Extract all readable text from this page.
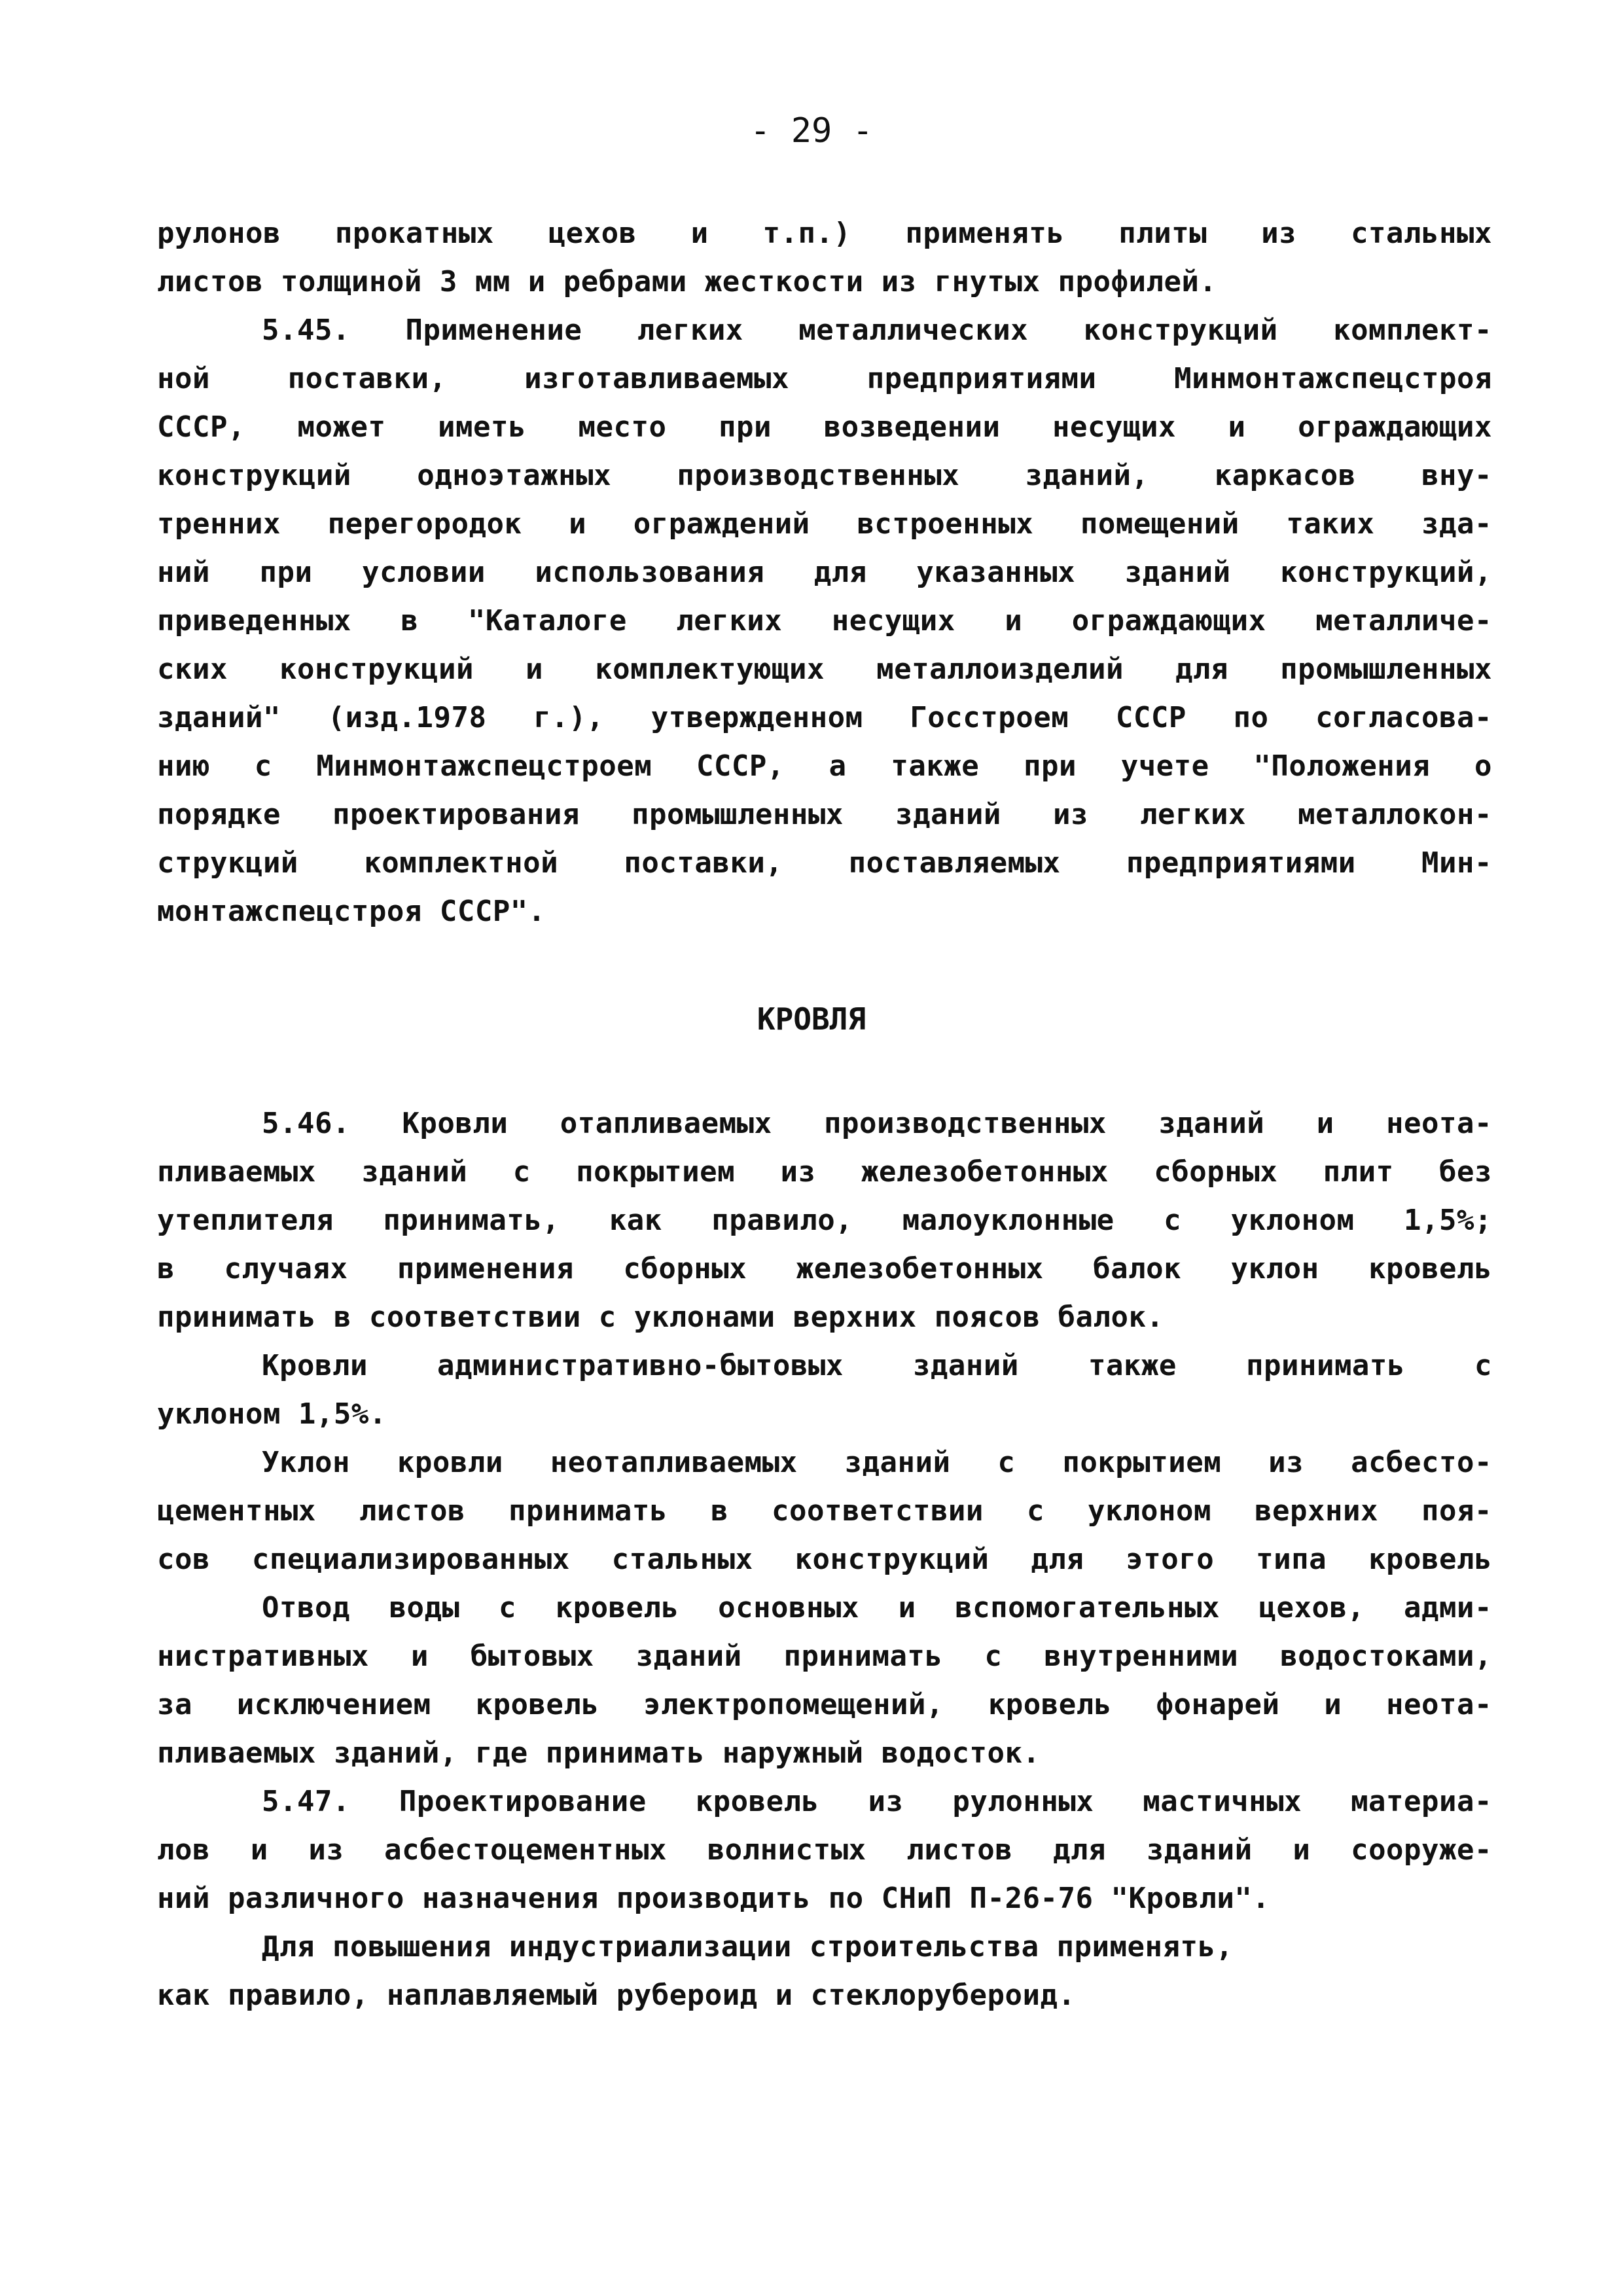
- 29 -
рулонов прокатных цехов и т.п.) применять плиты из стальных
листов толщиной 3 мм и ребрами жесткости из гнутых профилей.
5.45. Применение легких металлических конструкций комплект-
ной поставки, изготавливаемых предприятиями Минмонтажспецстроя
СССР, может иметь место при возведении несущих и ограждающих
конструкций одноэтажных производственных зданий, каркасов вну-
тренних перегородок и ограждений встроенных помещений таких зда-
ний при условии использования для указанных зданий конструкций,
приведенных в "Каталоге легких несущих и ограждающих металличе-
ских конструкций и комплектующих металлоизделий для промышленных
зданий" (изд.1978 г.), утвержденном Госстроем СССР по согласова-
нию с Минмонтажспецстроем СССР, а также при учете "Положения о
порядке проектирования промышленных зданий из легких металлокон-
струкций комплектной поставки, поставляемых предприятиями Мин-
монтажспецстроя СССР".
КРОВЛЯ
5.46. Кровли отапливаемых производственных зданий и неота-
пливаемых зданий с покрытием из железобетонных сборных плит без
утеплителя принимать, как правило, малоуклонные с уклоном 1,5%;
в случаях применения сборных железобетонных балок уклон кровель
принимать в соответствии с уклонами верхних поясов балок.
Кровли административно-бытовых зданий также принимать с
уклоном 1,5%.
Уклон кровли неотапливаемых зданий с покрытием из асбесто-
цементных листов принимать в соответствии с уклоном верхних поя-
сов специализированных стальных конструкций для этого типа кровель
Отвод воды с кровель основных и вспомогательных цехов, адми-
нистративных и бытовых зданий принимать с внутренними водостоками,
за исключением кровель электропомещений, кровель фонарей и неота-
пливаемых зданий, где принимать наружный водосток.
5.47. Проектирование кровель из рулонных мастичных материа-
лов и из асбестоцементных волнистых листов для зданий и сооруже-
ний различного назначения производить по СНиП П-26-76 "Кровли".
Для повышения индустриализации строительства применять,
как правило, наплавляемый рубероид и стеклорубероид.
